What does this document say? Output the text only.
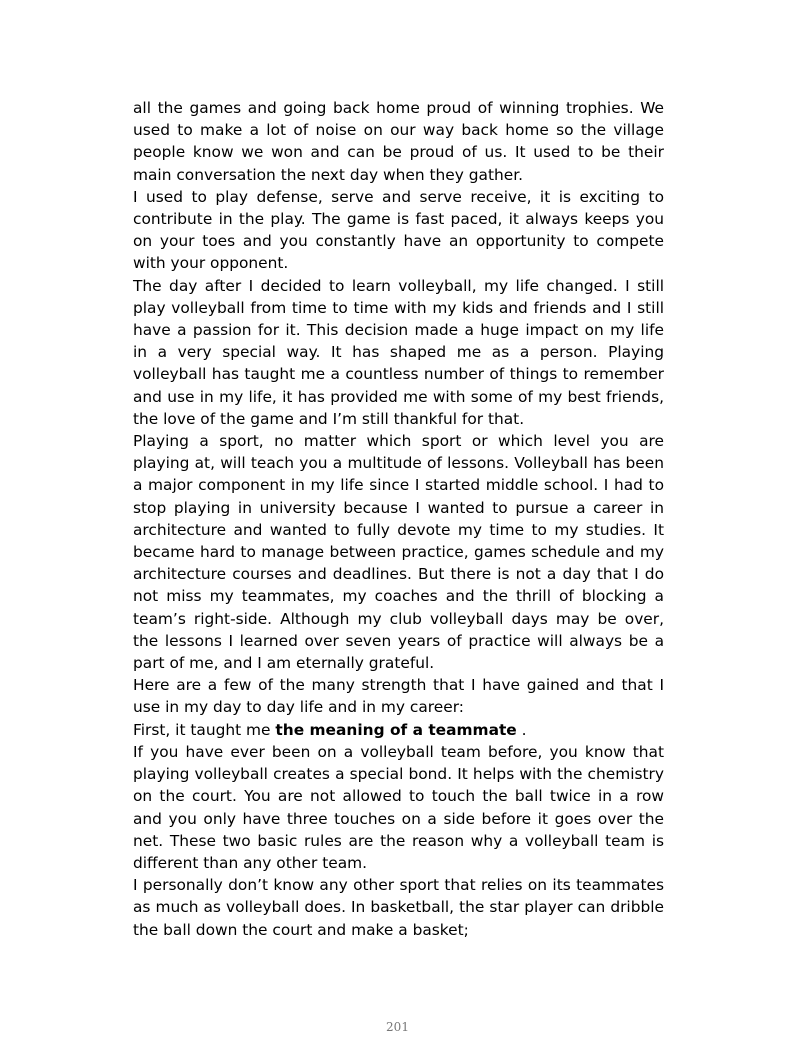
all the games and going back home proud of winning trophies. We used to make a lot of noise on our way back home so the village people know we won and can be proud of us. It used to be their main conversation the next day when they gather.

I used to play defense, serve and serve receive, it is exciting to contribute in the play. The game is fast paced, it always keeps you on your toes and you constantly have an opportunity to compete with your opponent.

The day after I decided to learn volleyball, my life changed. I still play volleyball from time to time with my kids and friends and I still have a passion for it. This decision made a huge impact on my life in a very special way. It has shaped me as a person. Playing volleyball has taught me a countless number of things to remember and use in my life, it has provided me with some of my best friends, the love of the game and I’m still thankful for that.

Playing a sport, no matter which sport or which level you are playing at, will teach you a multitude of lessons. Volleyball has been a major component in my life since I started middle school. I had to stop playing in university because I wanted to pursue a career in architecture and wanted to fully devote my time to my studies. It became hard to manage between practice, games schedule and my architecture courses and deadlines. But there is not a day that I do not miss my teammates, my coaches and the thrill of blocking a team’s right-side. Although my club volleyball days may be over, the lessons I learned over seven years of practice will always be a part of me, and I am eternally grateful.

Here are a few of the many strength that I have gained and that I use in my day to day life and in my career:

First, it taught me the meaning of a teammate .

If you have ever been on a volleyball team before, you know that playing volleyball creates a special bond. It helps with the chemistry on the court. You are not allowed to touch the ball twice in a row and you only have three touches on a side before it goes over the net. These two basic rules are the reason why a volleyball team is different than any other team.

I personally don’t know any other sport that relies on its teammates as much as volleyball does. In basketball, the star player can dribble the ball down the court and make a basket;

201
